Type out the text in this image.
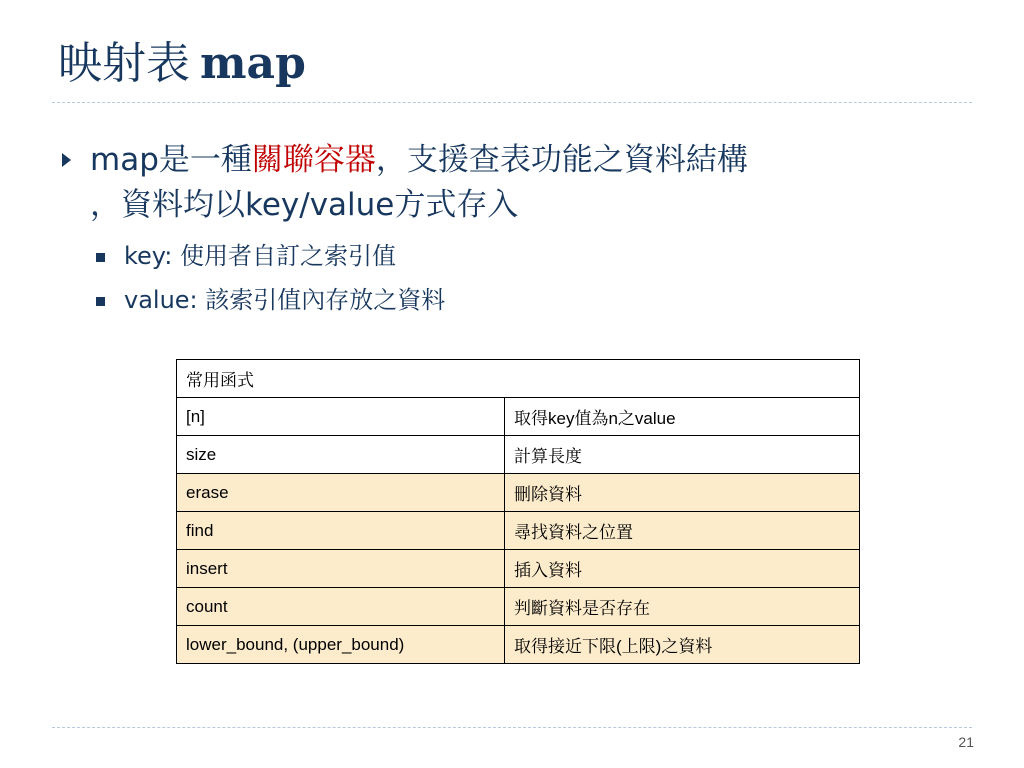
映射表 map
map是一種關聯容器，支援查表功能之資料結構
，資料均以key/value方式存入
key: 使用者自訂之索引值
value: 該索引值內存放之資料
常用函式	
[n]	取得key值為n之value
size	計算長度
erase	刪除資料
find	尋找資料之位置
insert	插入資料
count	判斷資料是否存在
lower_bound, (upper_bound)	取得接近下限(上限)之資料
21
